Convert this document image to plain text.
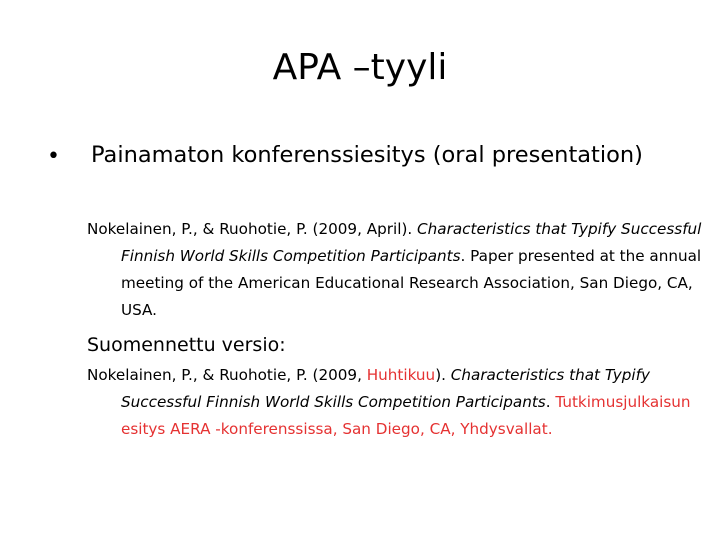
APA –tyyli
• Painamaton konferenssiesitys (oral presentation)
Nokelainen, P., & Ruohotie, P. (2009, April). Characteristics that Typify Successful Finnish World Skills Competition Participants. Paper presented at the annual meeting of the American Educational Research Association, San Diego, CA, USA.
Suomennettu versio:
Nokelainen, P., & Ruohotie, P. (2009, Huhtikuu). Characteristics that Typify Successful Finnish World Skills Competition Participants. Tutkimusjulkaisun esitys AERA -konferenssissa, San Diego, CA, Yhdysvallat.
